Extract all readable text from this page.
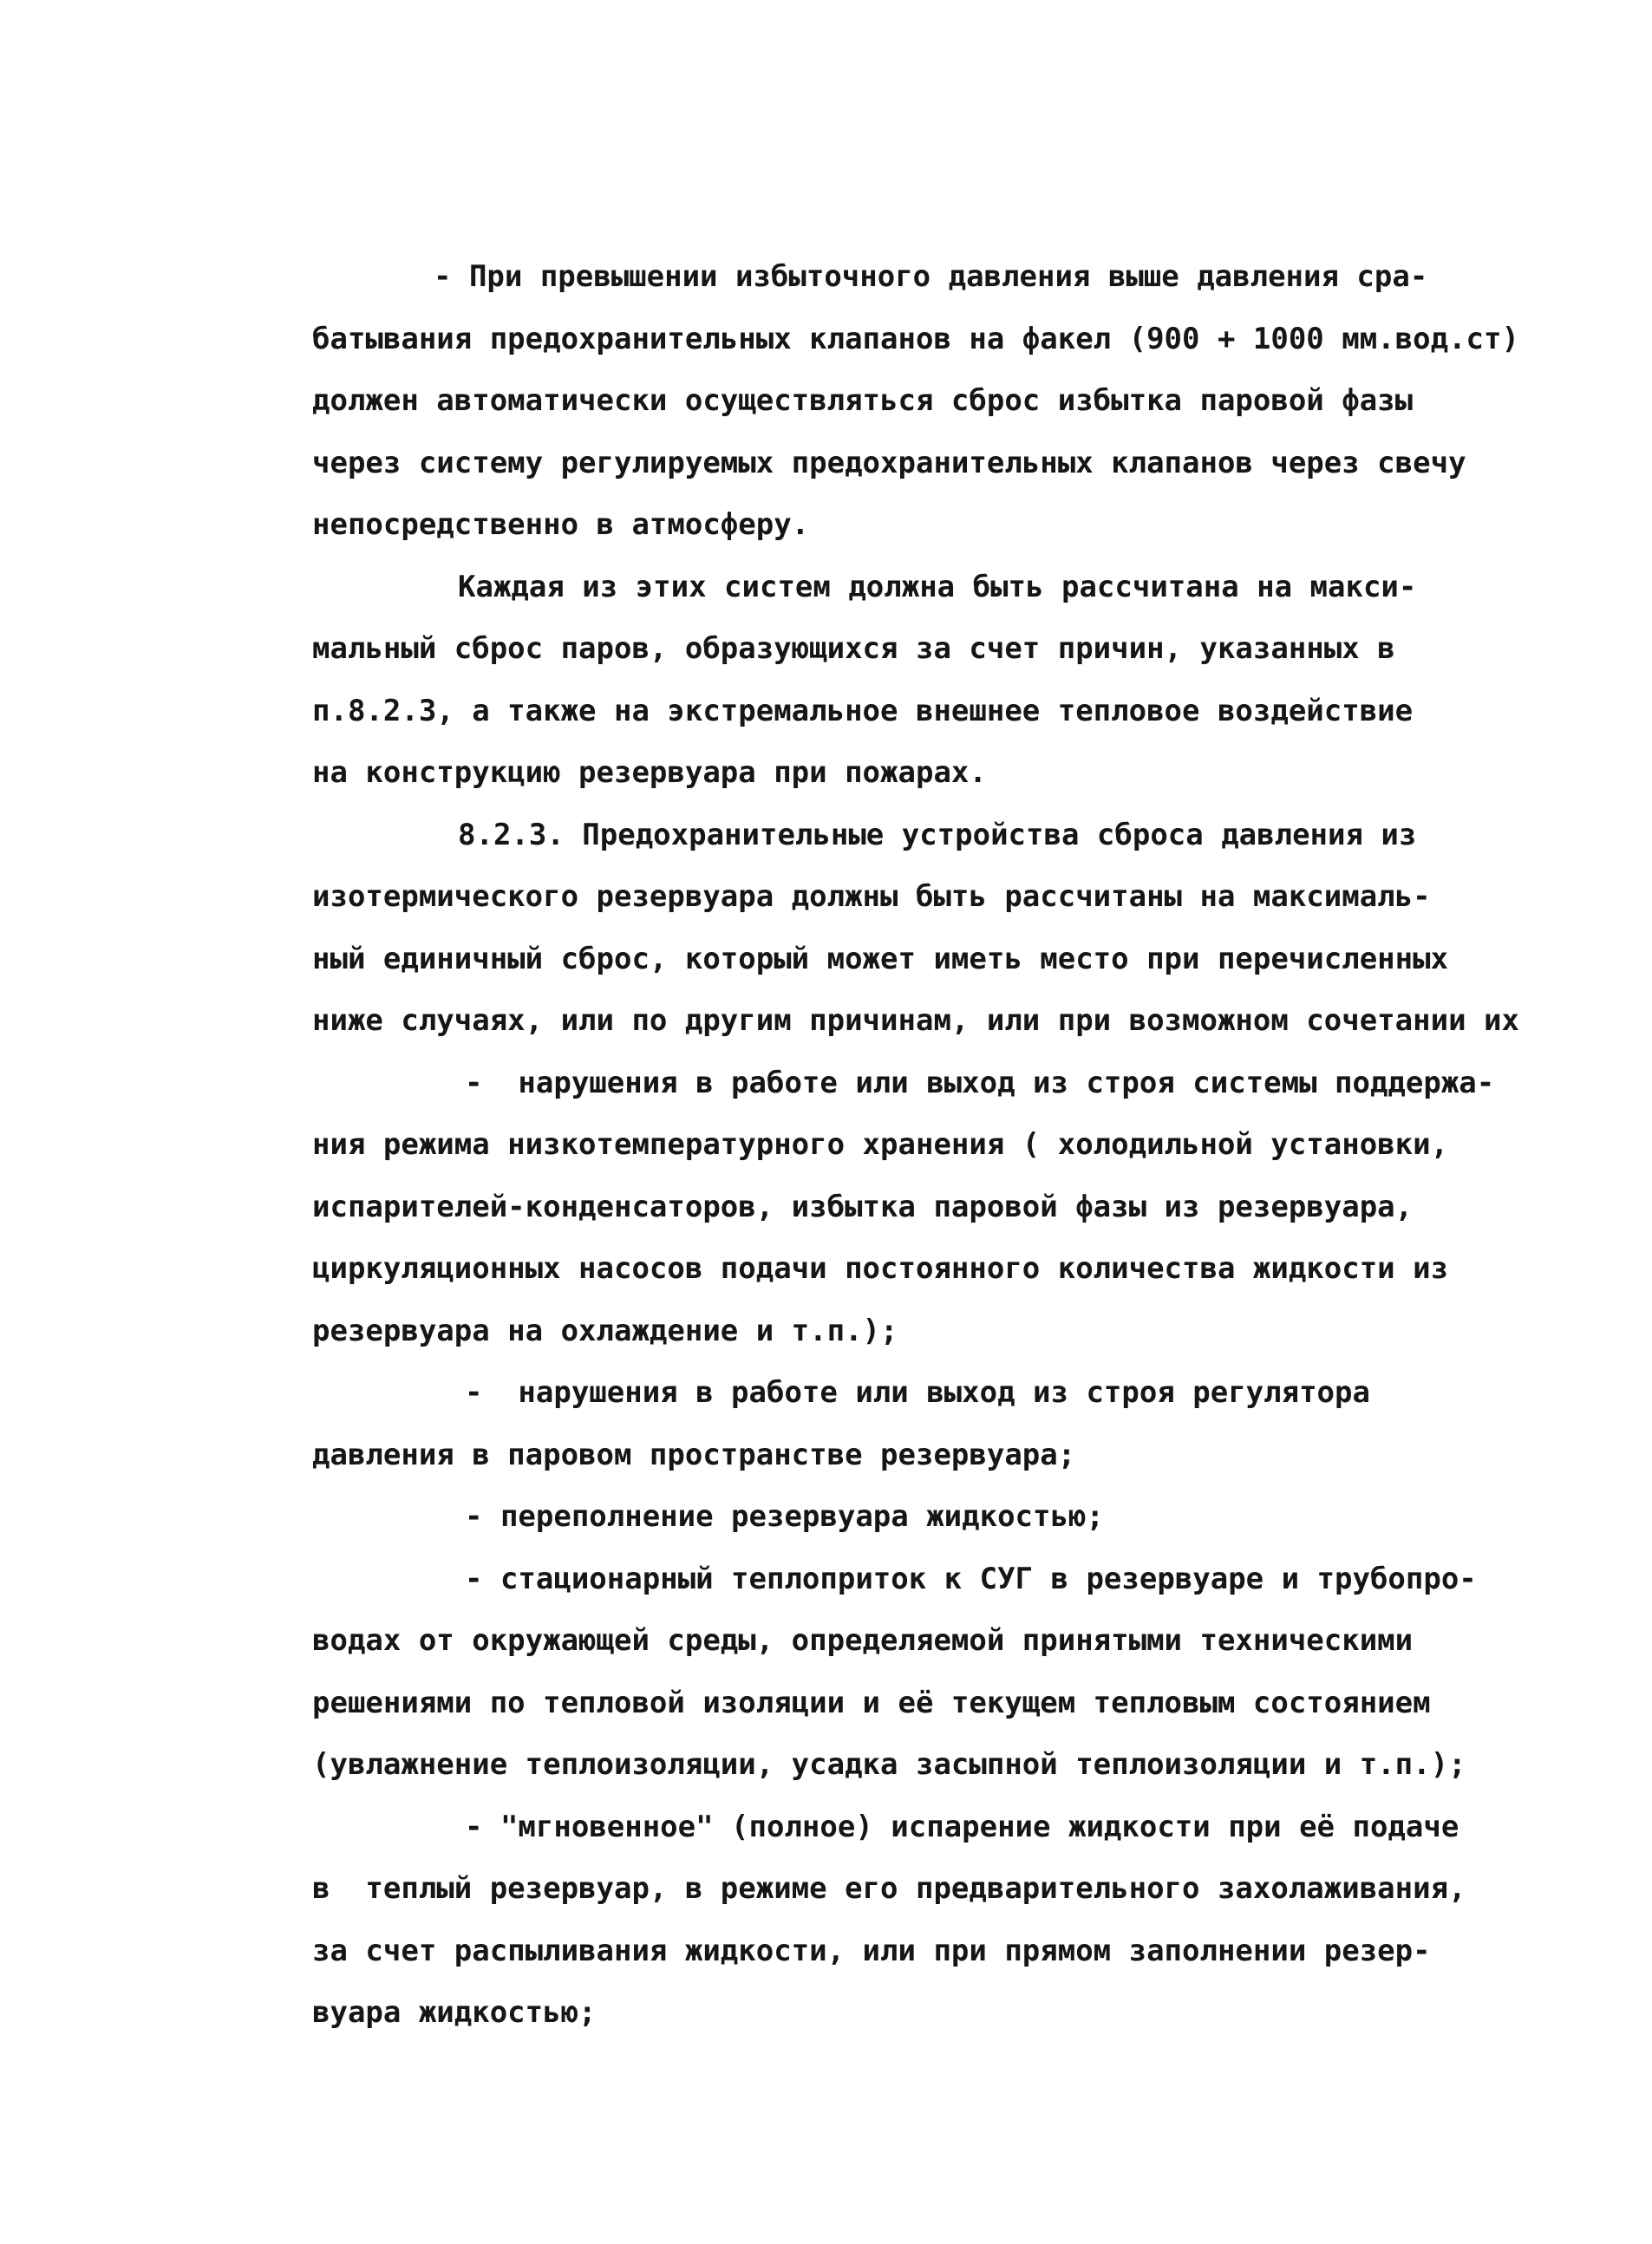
- При превышении избыточного давления выше давления сра-
батывания предохранительных клапанов на факел (900 + 1000 мм.вод.ст)
должен автоматически осуществляться сброс избытка паровой фазы
через систему регулируемых предохранительных клапанов через свечу
непосредственно в атмосферу.
Каждая из этих систем должна быть рассчитана на макси-
мальный сброс паров, образующихся за счет причин, указанных в
п.8.2.3, а также на экстремальное внешнее тепловое воздействие
на конструкцию резервуара при пожарах.
8.2.3. Предохранительные устройства сброса давления из
изотермического резервуара должны быть рассчитаны на максималь-
ный единичный сброс, который может иметь место при перечисленных
ниже случаях, или по другим причинам, или при возможном сочетании их
-  нарушения в работе или выход из строя системы поддержа-
ния режима низкотемпературного хранения ( холодильной установки,
испарителей-конденсаторов, избытка паровой фазы из резервуара,
циркуляционных насосов подачи постоянного количества жидкости из
резервуара на охлаждение и т.п.);
-  нарушения в работе или выход из строя регулятора
давления в паровом пространстве резервуара;
- переполнение резервуара жидкостью;
- стационарный теплоприток к СУГ в резервуаре и трубопро-
водах от окружающей среды, определяемой принятыми техническими
решениями по тепловой изоляции и её текущем тепловым состоянием
(увлажнение теплоизоляции, усадка засыпной теплоизоляции и т.п.);
- "мгновенное" (полное) испарение жидкости при её подаче
в  теплый резервуар, в режиме его предварительного захолаживания,
за счет распыливания жидкости, или при прямом заполнении резер-
вуара жидкостью;
